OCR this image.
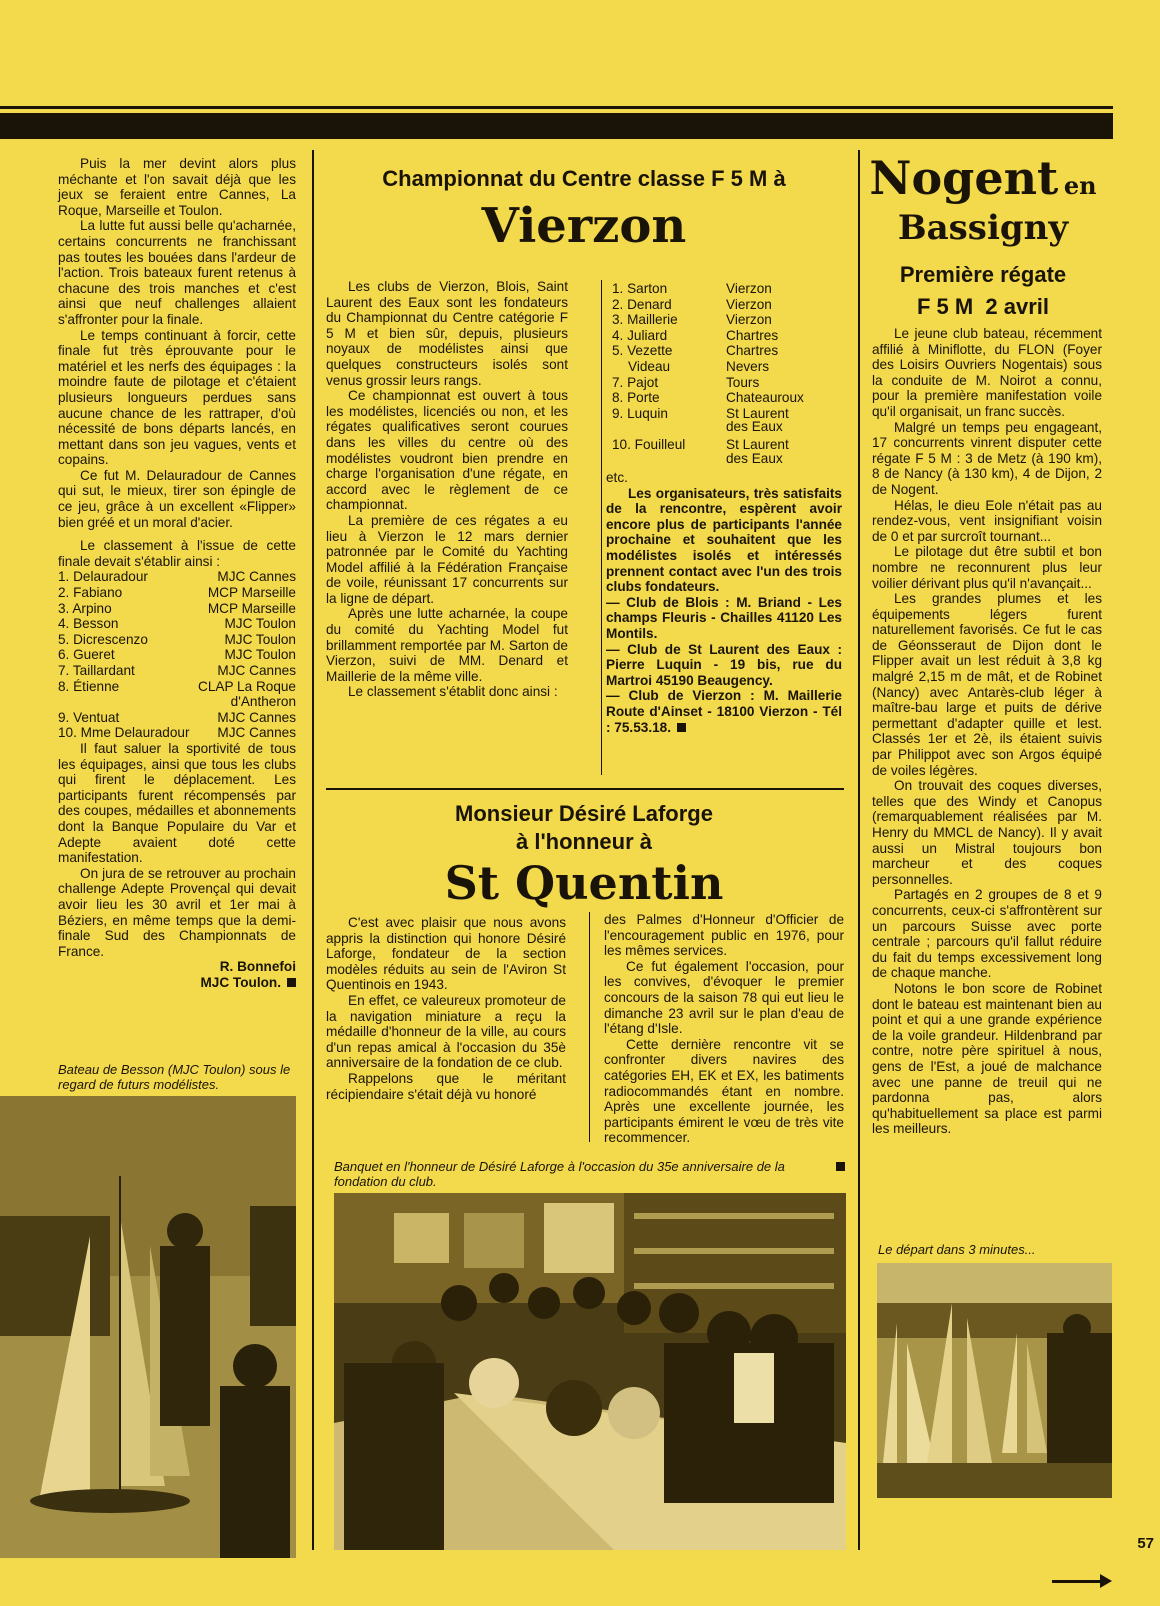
Puis la mer devint alors plus méchante et l'on savait déjà que les jeux se feraient entre Cannes, La Roque, Marseille et Toulon.

La lutte fut aussi belle qu'acharnée, certains concurrents ne franchissant pas toutes les bouées dans l'ardeur de l'action. Trois bateaux furent retenus à chacune des trois manches et c'est ainsi que neuf challenges allaient s'affronter pour la finale.

Le temps continuant à forcir, cette finale fut très éprouvante pour le matériel et les nerfs des équipages : la moindre faute de pilotage et c'étaient plusieurs longueurs perdues sans aucune chance de les rattraper, d'où nécessité de bons départs lancés, en mettant dans son jeu vagues, vents et copains.

Ce fut M. Delauradour de Cannes qui sut, le mieux, tirer son épingle de ce jeu, grâce à un excellent «Flipper» bien gréé et un moral d'acier.

Le classement à l'issue de cette finale devait s'établir ainsi :

1. Delauradour	MJC Cannes
2. Fabiano	MCP Marseille
3. Arpino	MCP Marseille
4. Besson	MJC Toulon
5. Dicrescenzo	MJC Toulon
6. Gueret	MJC Toulon
7. Taillardant	MJC Cannes
8. Étienne	CLAP La Roque
d'Antheron
9. Ventuat	MJC Cannes
10. Mme Delauradour MJC Cannes

Il faut saluer la sportivité de tous les équipages, ainsi que tous les clubs qui firent le déplacement. Les participants furent récompensés par des coupes, médailles et abonnements dont la Banque Populaire du Var et Adepte avaient doté cette manifestation.

On jura de se retrouver au prochain challenge Adepte Provençal qui devait avoir lieu les 30 avril et 1er mai à Béziers, en même temps que la demi-finale Sud des Championnats de France.

R. Bonnefoi
MJC Toulon.
Bateau de Besson (MJC Toulon) sous le regard de futurs modélistes.
Championnat du Centre classe F 5 M à
Vierzon

Les clubs de Vierzon, Blois, Saint Laurent des Eaux sont les fondateurs du Championnat du Centre catégorie F 5 M et bien sûr, depuis, plusieurs noyaux de modélistes ainsi que quelques constructeurs isolés sont venus grossir leurs rangs.

Ce championnat est ouvert à tous les modélistes, licenciés ou non, et les régates qualificatives seront courues dans les villes du centre où des modélistes voudront bien prendre en charge l'organisation d'une régate, en accord avec le règlement de ce championnat.

La première de ces régates a eu lieu à Vierzon le 12 mars dernier patronnée par le Comité du Yachting Model affilié à la Fédération Française de voile, réunissant 17 concurrents sur la ligne de départ.

Après une lutte acharnée, la coupe du comité du Yachting Model fut brillamment remportée par M. Sarton de Vierzon, suivi de MM. Denard et Maillerie de la même ville.

Le classement s'établit donc ainsi :

1. Sarton	Vierzon
2. Denard	Vierzon
3. Maillerie	Vierzon
4. Juliard	Chartres
5. Vezette	Chartres
Videau	Nevers
7. Pajot	Tours
8. Porte	Chateauroux
9. Luquin	St Laurent
des Eaux
10. Fouilleul	St Laurent
des Eaux

etc.

Les organisateurs, très satisfaits de la rencontre, espèrent avoir encore plus de participants l'année prochaine et souhaitent que les modélistes isolés et intéressés prennent contact avec l'un des trois clubs fondateurs.

— Club de Blois : M. Briand - Les champs Fleuris - Chailles 41120 Les Montils.

— Club de St Laurent des Eaux : Pierre Luquin - 19 bis, rue du Martroi 45190 Beaugency.

— Club de Vierzon : M. Maillerie Route d'Ainset - 18100 Vierzon - Tél : 75.53.18.

Monsieur Désiré Laforge
à l'honneur à
St Quentin

C'est avec plaisir que nous avons appris la distinction qui honore Désiré Laforge, fondateur de la section modèles réduits au sein de l'Aviron St Quentinois en 1943.

En effet, ce valeureux promoteur de la navigation miniature a reçu la médaille d'honneur de la ville, au cours d'un repas amical à l'occasion du 35è anniversaire de la fondation de ce club.

Rappelons que le méritant récipiendaire s'était déjà vu honoré

des Palmes d'Honneur d'Officier de l'encouragement public en 1976, pour les mêmes services.

Ce fut également l'occasion, pour les convives, d'évoquer le premier concours de la saison 78 qui eut lieu le dimanche 23 avril sur le plan d'eau de l'étang d'Isle.

Cette dernière rencontre vit se confronter divers navires des catégories EH, EK et EX, les batiments radiocommandés étant en nombre. Après une excellente journée, les participants émirent le vœu de très vite recommencer.

Banquet en l'honneur de Désiré Laforge à l'occasion du 35e anniversaire de la fondation du club.
Nogent en
Bassigny
Première régate
F 5 M  2 avril

Le jeune club bateau, récemment affilié à Miniflotte, du FLON (Foyer des Loisirs Ouvriers Nogentais) sous la conduite de M. Noirot a connu, pour la première manifestation voile qu'il organisait, un franc succès.

Malgré un temps peu engageant, 17 concurrents vinrent disputer cette régate F 5 M : 3 de Metz (à 190 km), 8 de Nancy (à 130 km), 4 de Dijon, 2 de Nogent.

Hélas, le dieu Eole n'était pas au rendez-vous, vent insignifiant voisin de 0 et par surcroît tournant...

Le pilotage dut être subtil et bon nombre ne reconnurent plus leur voilier dérivant plus qu'il n'avançait...

Les grandes plumes et les équipements légers furent naturellement favorisés. Ce fut le cas de Géonsseraut de Dijon dont le Flipper avait un lest réduit à 3,8 kg malgré 2,15 m de mât, et de Robinet (Nancy) avec Antarès-club léger à maître-bau large et puits de dérive permettant d'adapter quille et lest. Classés 1er et 2è, ils étaient suivis par Philippot avec son Argos équipé de voiles légères.

On trouvait des coques diverses, telles que des Windy et Canopus (remarquablement réalisées par M. Henry du MMCL de Nancy). Il y avait aussi un Mistral toujours bon marcheur et des coques personnelles.

Partagés en 2 groupes de 8 et 9 concurrents, ceux-ci s'affrontèrent sur un parcours Suisse avec porte centrale ; parcours qu'il fallut réduire du fait du temps excessivement long de chaque manche.

Notons le bon score de Robinet dont le bateau est maintenant bien au point et qui a une grande expérience de la voile grandeur. Hildenbrand par contre, notre père spirituel à nous, gens de l'Est, a joué de malchance avec une panne de treuil qui ne pardonna pas, alors qu'habituellement sa place est parmi les meilleurs.

Le départ dans 3 minutes...
57
